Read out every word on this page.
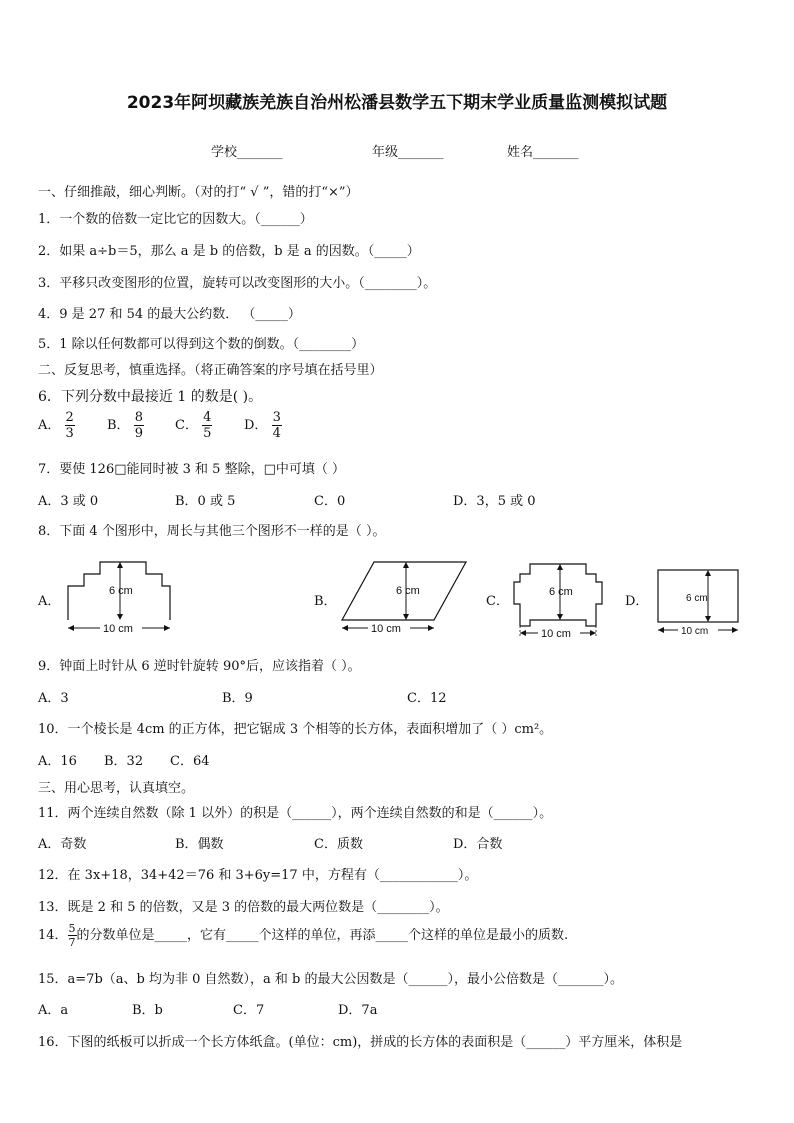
2023年阿坝藏族羌族自治州松潘县数学五下期末学业质量监测模拟试题
学校_______	年级_______	姓名_______
一、仔细推敲，细心判断。（对的打“ √ ”，错的打“×”）
1．一个数的倍数一定比它的因数大。（______）
2．如果 a÷b＝5，那么 a 是 b 的倍数，b 是 a 的因数。（_____）
3．平移只改变图形的位置，旋转可以改变图形的大小。（________）。
4．9 是 27 和 54 的最大公约数． （_____）
5．1 除以任何数都可以得到这个数的倒数。（________）
二、反复思考，慎重选择。（将正确答案的序号填在括号里）
6．下列分数中最接近 1 的数是( )。
A． $\frac{2}{3}$ B． $\frac{8}{9}$ C． $\frac{4}{5}$ D． $\frac{3}{4}$
7．要使 126□能同时被 3 和 5 整除，□中可填（ ）
A．3 或 0	B．0 或 5	C．0	D．3，5 或 0
8．下面 4 个图形中，周长与其他三个图形不一样的是（ ）。
A．
6 cm
10 cm
B．
6 cm
10 cm
C．
6 cm
10 cm
D．	6 cm
10 cm
9．钟面上时针从 6 逆时针旋转 90°后，应该指着（ ）。
A．3	B．9	C．12
10．一个棱长是 4cm 的正方体，把它锯成 3 个相等的长方体，表面积增加了（ ）cm²。
A．16 B．32 C．64
三、用心思考，认真填空。
11．两个连续自然数（除 1 以外）的积是（______），两个连续自然数的和是（______）。
A．奇数	B．偶数	C．质数	D．合数
12．在 3x+18，34+42＝76 和 3+6y=17 中，方程有（____________）。
13．既是 2 和 5 的倍数，又是 3 的倍数的最大两位数是（________）。
14． $\frac{5}{7}$ 的分数单位是_____，它有_____个这样的单位，再添_____个这样的单位是最小的质数.
15．a=7b（a、b 均为非 0 自然数），a 和 b 的最大公因数是（______），最小公倍数是（_______）。
A．a	B．b	C．7	D．7a
16．下图的纸板可以折成一个长方体纸盒。(单位：cm)，拼成的长方体的表面积是（______）平方厘米，体积是
